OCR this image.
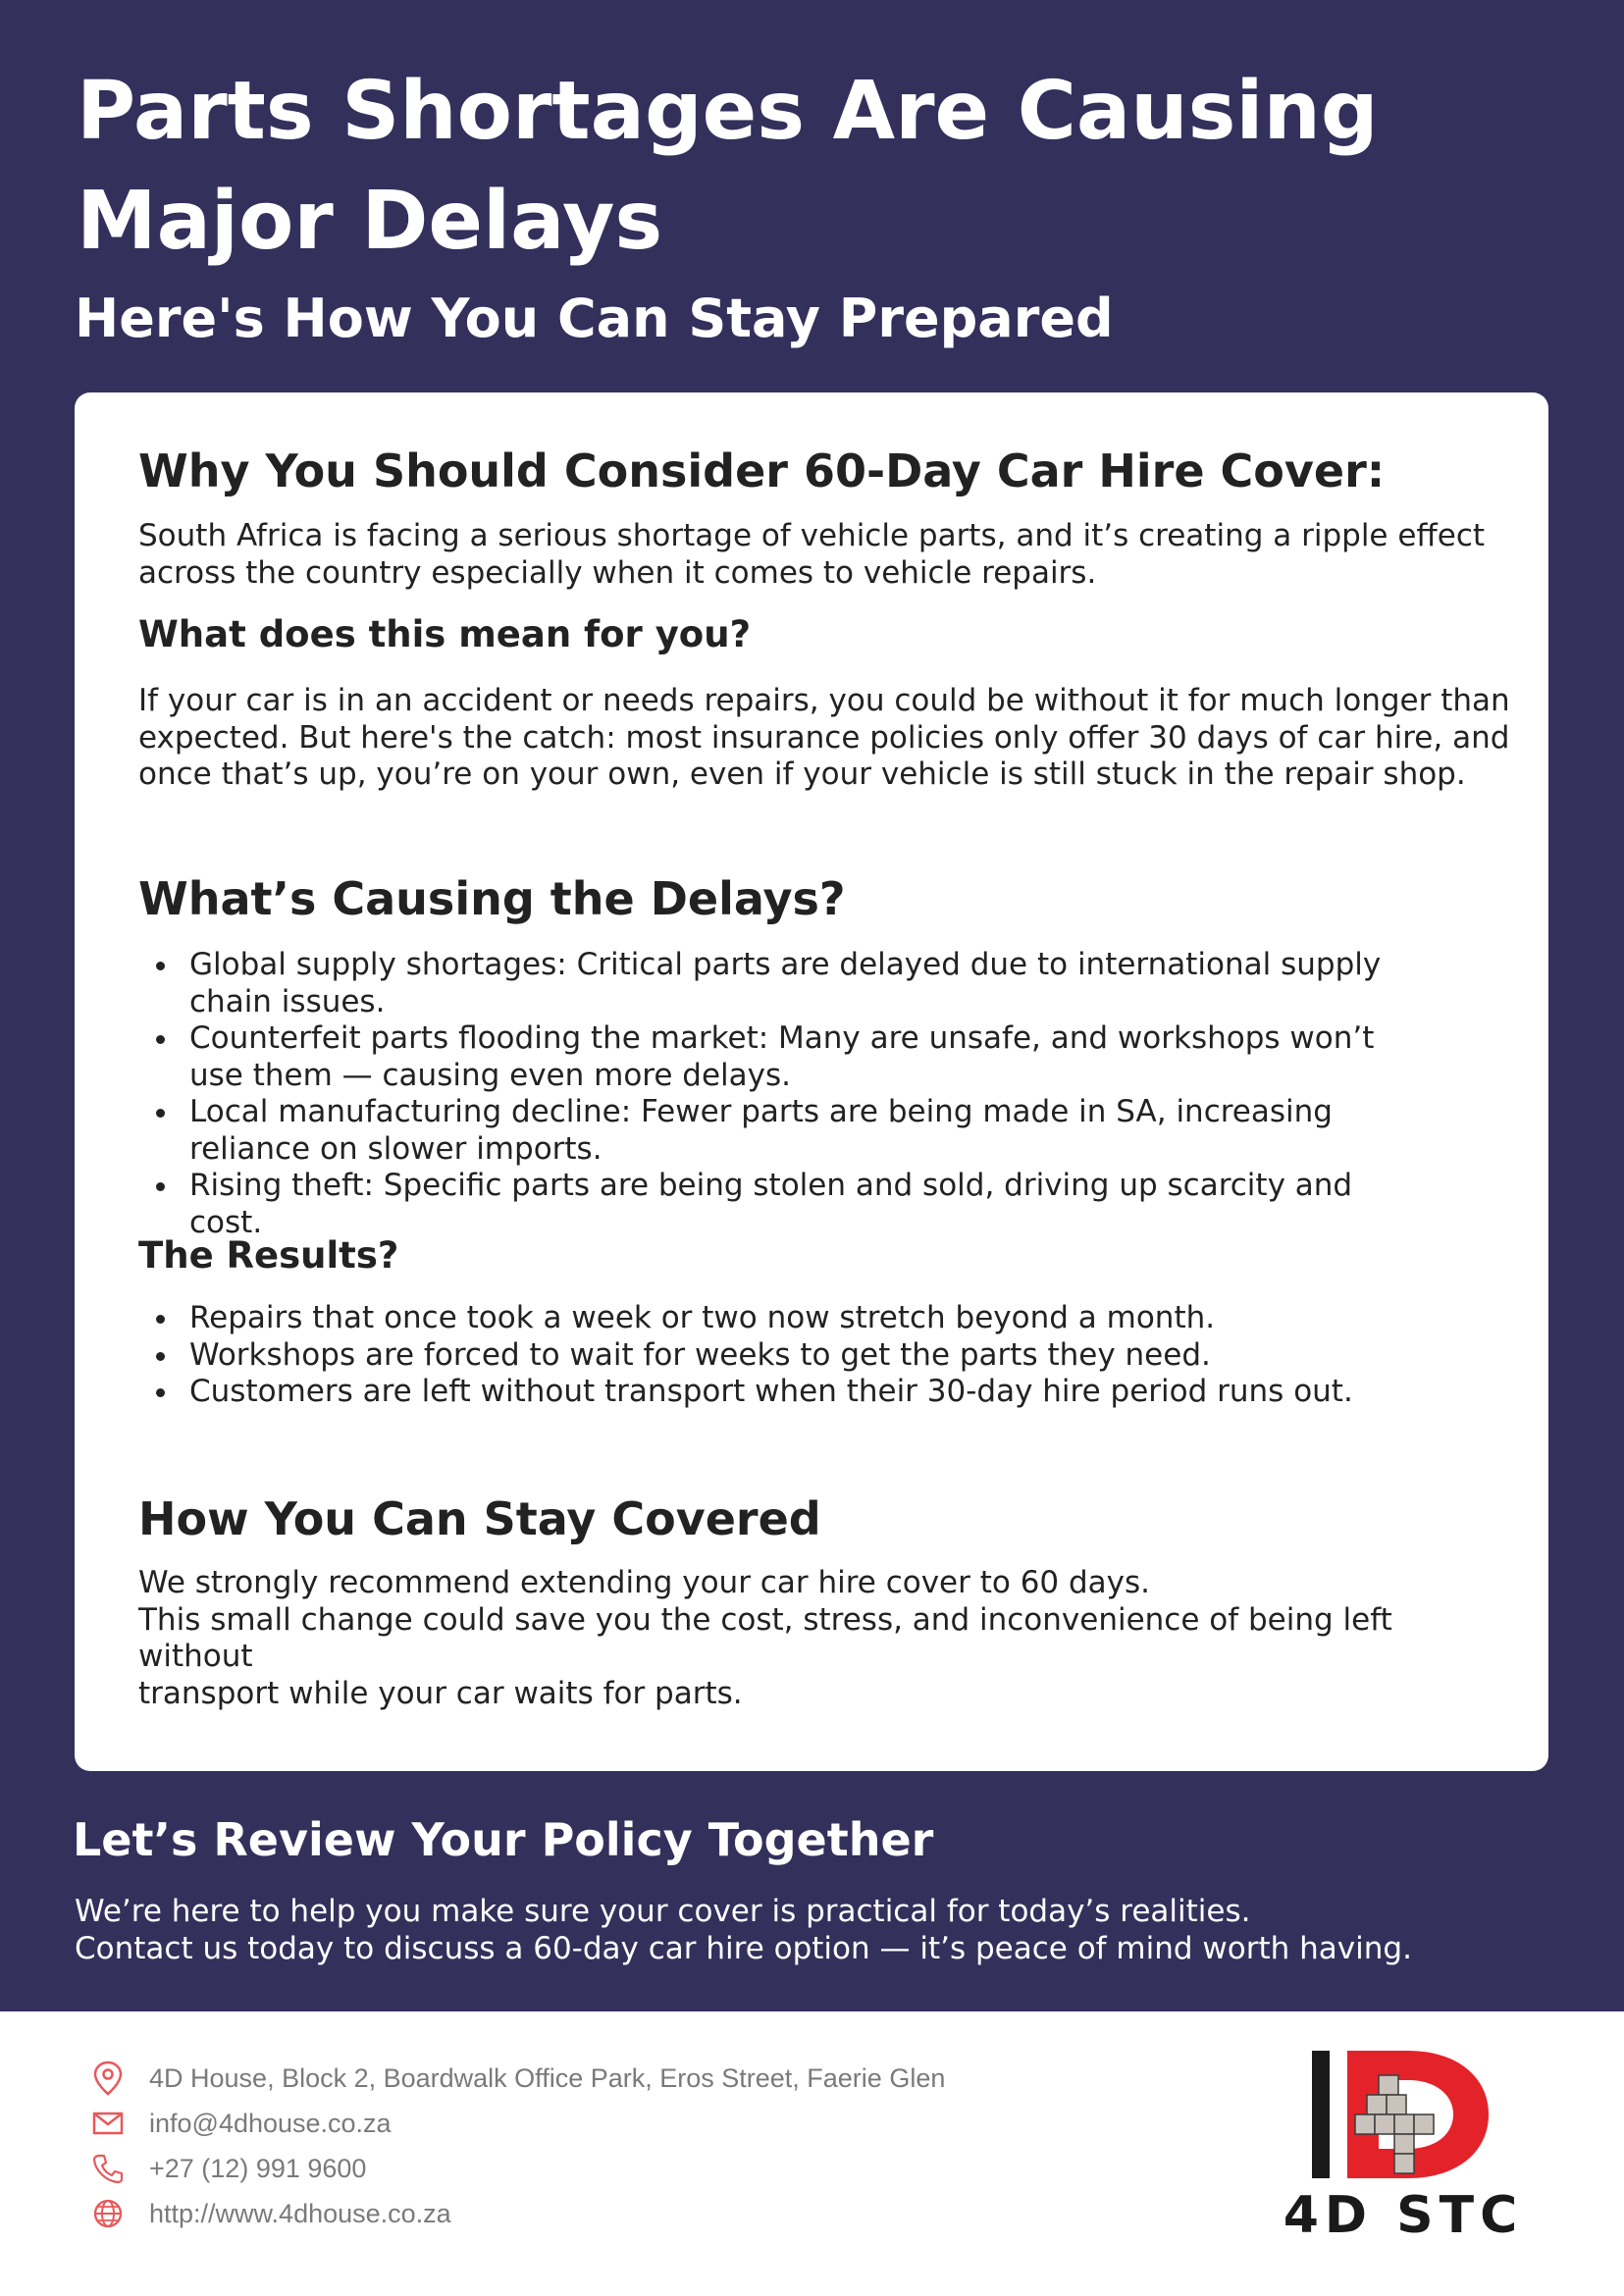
Parts Shortages Are Causing
Major Delays
Here's How You Can Stay Prepared
Why You Should Consider 60-Day Car Hire Cover:

South Africa is facing a serious shortage of vehicle parts, and it’s creating a ripple effect
across the country especially when it comes to vehicle repairs.

What does this mean for you?

If your car is in an accident or needs repairs, you could be without it for much longer than
expected. But here's the catch: most insurance policies only offer 30 days of car hire, and
once that’s up, you’re on your own, even if your vehicle is still stuck in the repair shop.

What’s Causing the Delays?
Global supply shortages: Critical parts are delayed due to international supply chain issues.
Counterfeit parts flooding the market: Many are unsafe, and workshops won’t use them — causing even more delays.
Local manufacturing decline: Fewer parts are being made in SA, increasing reliance on slower imports.
Rising theft: Specific parts are being stolen and sold, driving up scarcity and cost.
The Results?
Repairs that once took a week or two now stretch beyond a month.
Workshops are forced to wait for weeks to get the parts they need.
Customers are left without transport when their 30-day hire period runs out.
How You Can Stay Covered

We strongly recommend extending your car hire cover to 60 days.
This small change could save you the cost, stress, and inconvenience of being left without
transport while your car waits for parts.

Let’s Review Your Policy Together

We’re here to help you make sure your cover is practical for today’s realities.
Contact us today to discuss a 60-day car hire option — it’s peace of mind worth having.

4D House, Block 2, Boardwalk Office Park, Eros Street, Faerie Glen
info@4dhouse.co.za
+27 (12) 991 9600
http://www.4dhouse.co.za	4D STC
